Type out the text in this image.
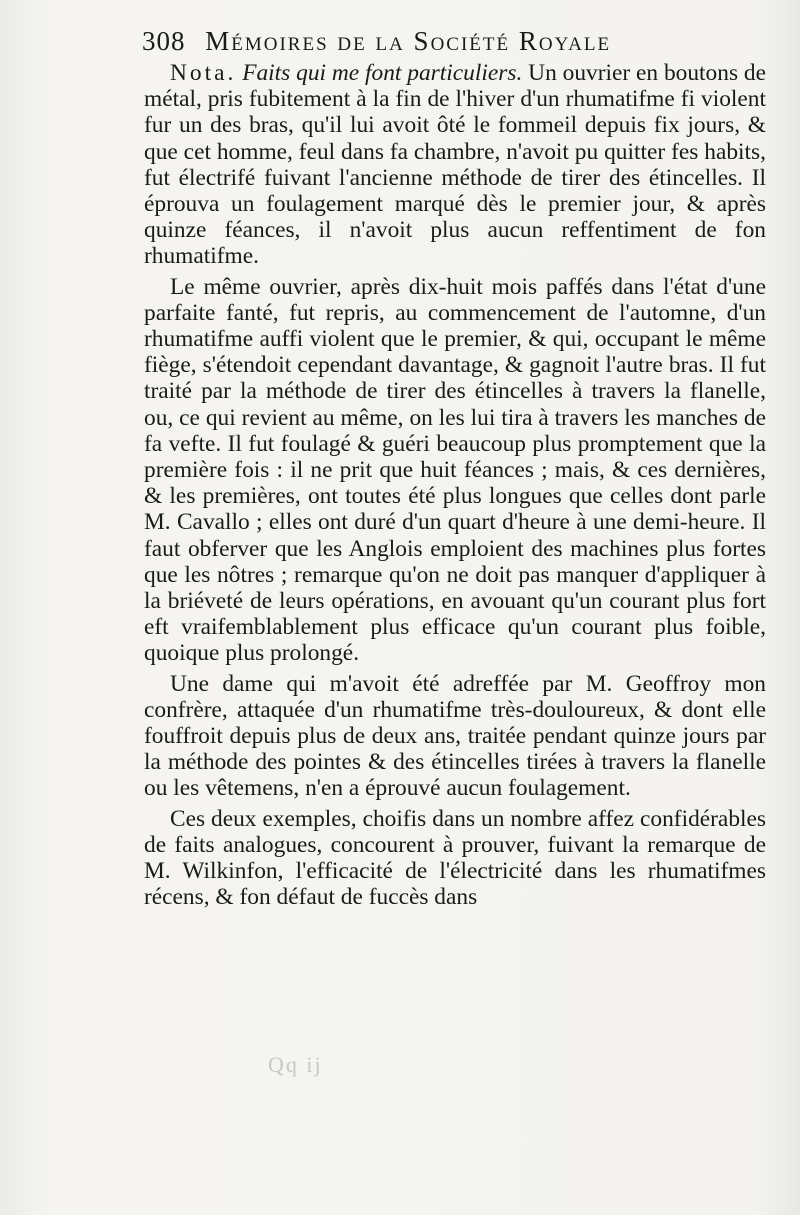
308 Mémoires de la Société Royale

Nota. Faits qui me font particuliers. Un ouvrier en boutons de métal, pris fubitement à la fin de l'hiver d'un rhumatifme fi violent fur un des bras, qu'il lui avoit ôté le fommeil depuis fix jours, & que cet homme, feul dans fa chambre, n'avoit pu quitter fes habits, fut électrifé fuivant l'ancienne méthode de tirer des étincelles. Il éprouva un foulagement marqué dès le premier jour, & après quinze féances, il n'avoit plus aucun reffentiment de fon rhumatifme.

Le même ouvrier, après dix-huit mois paffés dans l'état d'une parfaite fanté, fut repris, au commencement de l'automne, d'un rhumatifme auffi violent que le premier, & qui, occupant le même fiège, s'étendoit cependant davantage, & gagnoit l'autre bras. Il fut traité par la méthode de tirer des étincelles à travers la flanelle, ou, ce qui revient au même, on les lui tira à travers les manches de fa vefte. Il fut foulagé & guéri beaucoup plus promptement que la première fois : il ne prit que huit féances ; mais, & ces dernières, & les premières, ont toutes été plus longues que celles dont parle M. Cavallo ; elles ont duré d'un quart d'heure à une demi-heure. Il faut obferver que les Anglois emploient des machines plus fortes que les nôtres ; remarque qu'on ne doit pas manquer d'appliquer à la briéveté de leurs opérations, en avouant qu'un courant plus fort eft vraifemblablement plus efficace qu'un courant plus foible, quoique plus prolongé.

Une dame qui m'avoit été adreffée par M. Geoffroy mon confrère, attaquée d'un rhumatifme très-douloureux, & dont elle fouffroit depuis plus de deux ans, traitée pendant quinze jours par la méthode des pointes & des étincelles tirées à travers la flanelle ou les vêtemens, n'en a éprouvé aucun foulagement.

Ces deux exemples, choifis dans un nombre affez confidérables de faits analogues, concourent à prouver, fuivant la remarque de M. Wilkinfon, l'efficacité de l'électricité dans les rhumatifmes récens, & fon défaut de fuccès dans

Qq ij
